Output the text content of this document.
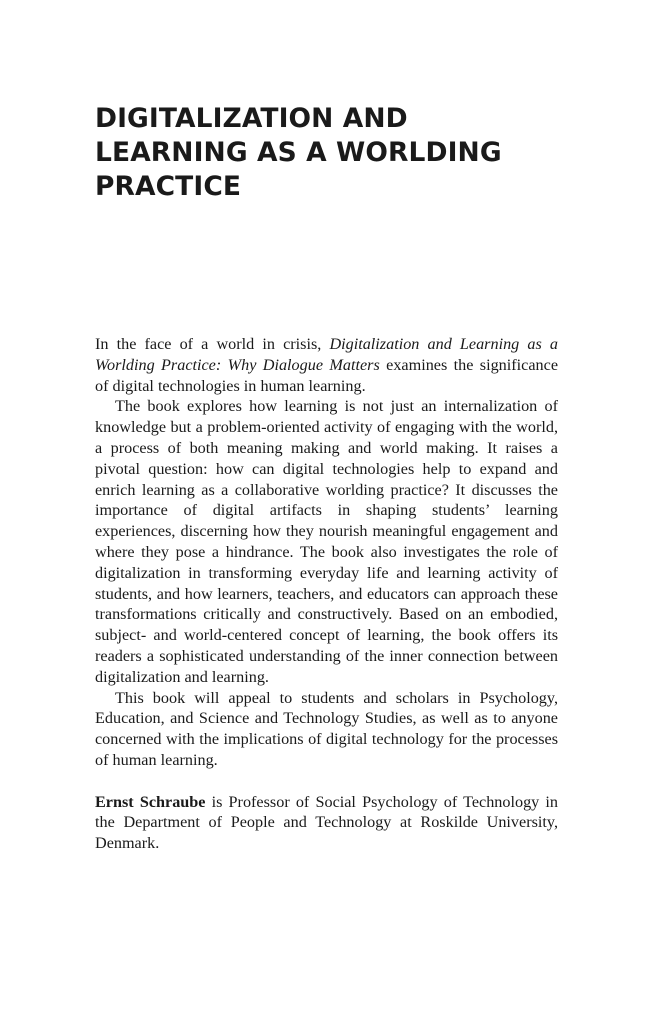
DIGITALIZATION AND
LEARNING AS A WORLDING
PRACTICE

In the face of a world in crisis, Digitalization and Learning as a Worlding Practice: Why Dialogue Matters examines the significance of digital technologies in human learning.

The book explores how learning is not just an internalization of knowledge but a problem-oriented activity of engaging with the world, a process of both meaning making and world making. It raises a pivotal question: how can digital technologies help to expand and enrich learning as a collaborative worlding practice? It discusses the importance of digital artifacts in shaping students’ learning experiences, discerning how they nourish meaningful engagement and where they pose a hindrance. The book also investigates the role of digitalization in transforming everyday life and learning activity of students, and how learners, teachers, and educators can approach these transformations critically and constructively. Based on an embodied, subject- and world-centered concept of learning, the book offers its readers a sophisticated understanding of the inner connection between digitalization and learning.

This book will appeal to students and scholars in Psychology, Education, and Science and Technology Studies, as well as to anyone concerned with the implications of digital technology for the processes of human learning.

Ernst Schraube is Professor of Social Psychology of Technology in the Department of People and Technology at Roskilde University, Denmark.
